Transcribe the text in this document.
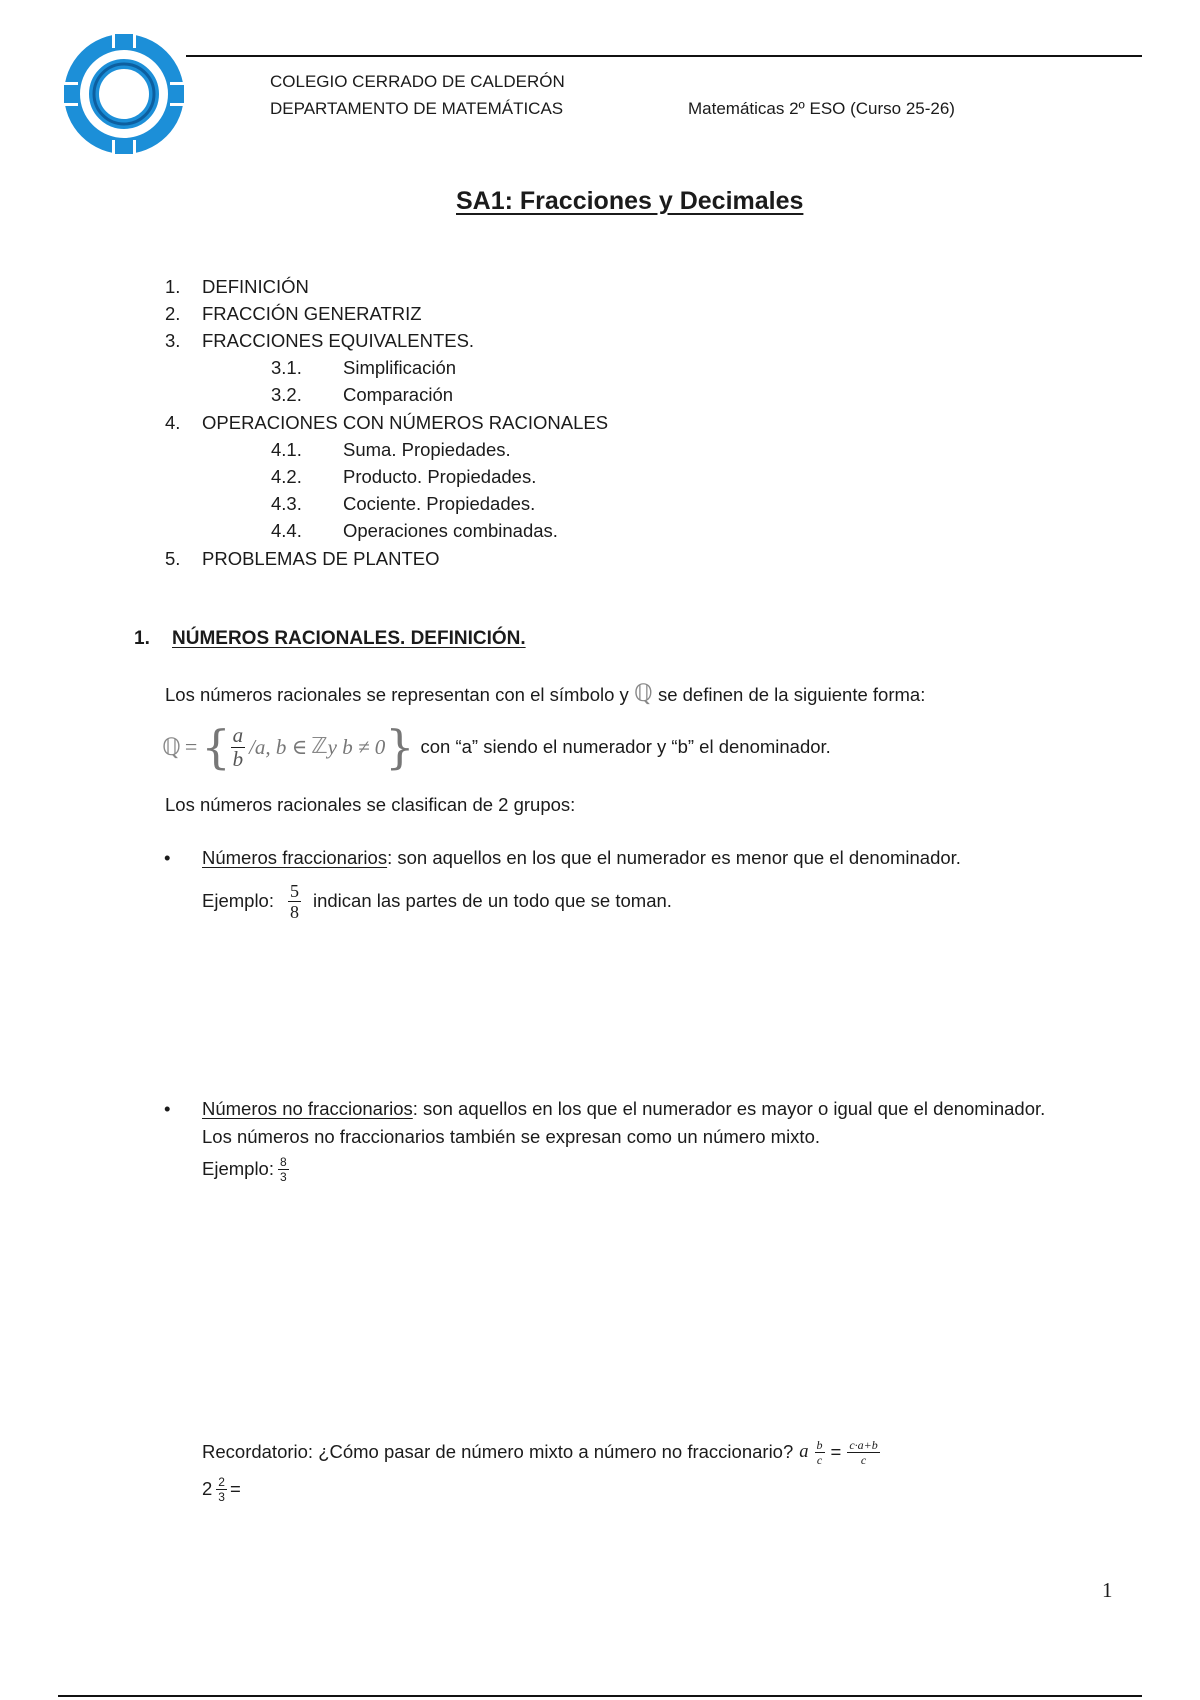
COLEGIO CERRADO DE CALDERÓN
DEPARTAMENTO DE MATEMÁTICAS	Matemáticas 2º ESO (Curso 25-26)
SA1: Fracciones y Decimales
1. DEFINICIÓN
2. FRACCIÓN GENERATRIZ
3. FRACCIONES EQUIVALENTES.
3.1. Simplificación
3.2. Comparación
4. OPERACIONES CON NÚMEROS RACIONALES
4.1. Suma. Propiedades.
4.2. Producto. Propiedades.
4.3. Cociente. Propiedades.
4.4. Operaciones combinadas.
5. PROBLEMAS DE PLANTEO
1. NÚMEROS RACIONALES. DEFINICIÓN.
Los números racionales se representan con el símbolo y ℚ se definen de la siguiente forma:
ℚ = { $\frac{a}{b} /a$, b ∈ ℤ y b ≠ 0 } con “a” siendo el numerador y “b” el denominador.
Los números racionales se clasifican de 2 grupos:
• Números fraccionarios: son aquellos en los que el numerador es menor que el denominador.
Ejemplo: $\frac{5}{8}$ indican las partes de un todo que se toman.
• Números no fraccionarios: son aquellos en los que el numerador es mayor o igual que el denominador.
Los números no fraccionarios también se expresan como un número mixto.
Ejemplo: $\frac{8}{3}$
Recordatorio: ¿Cómo pasar de número mixto a número no fraccionario? a $\frac{b}{c} = \frac{c\cdot a+b}{c}$
$2 \frac{2}{3}$ =
1
